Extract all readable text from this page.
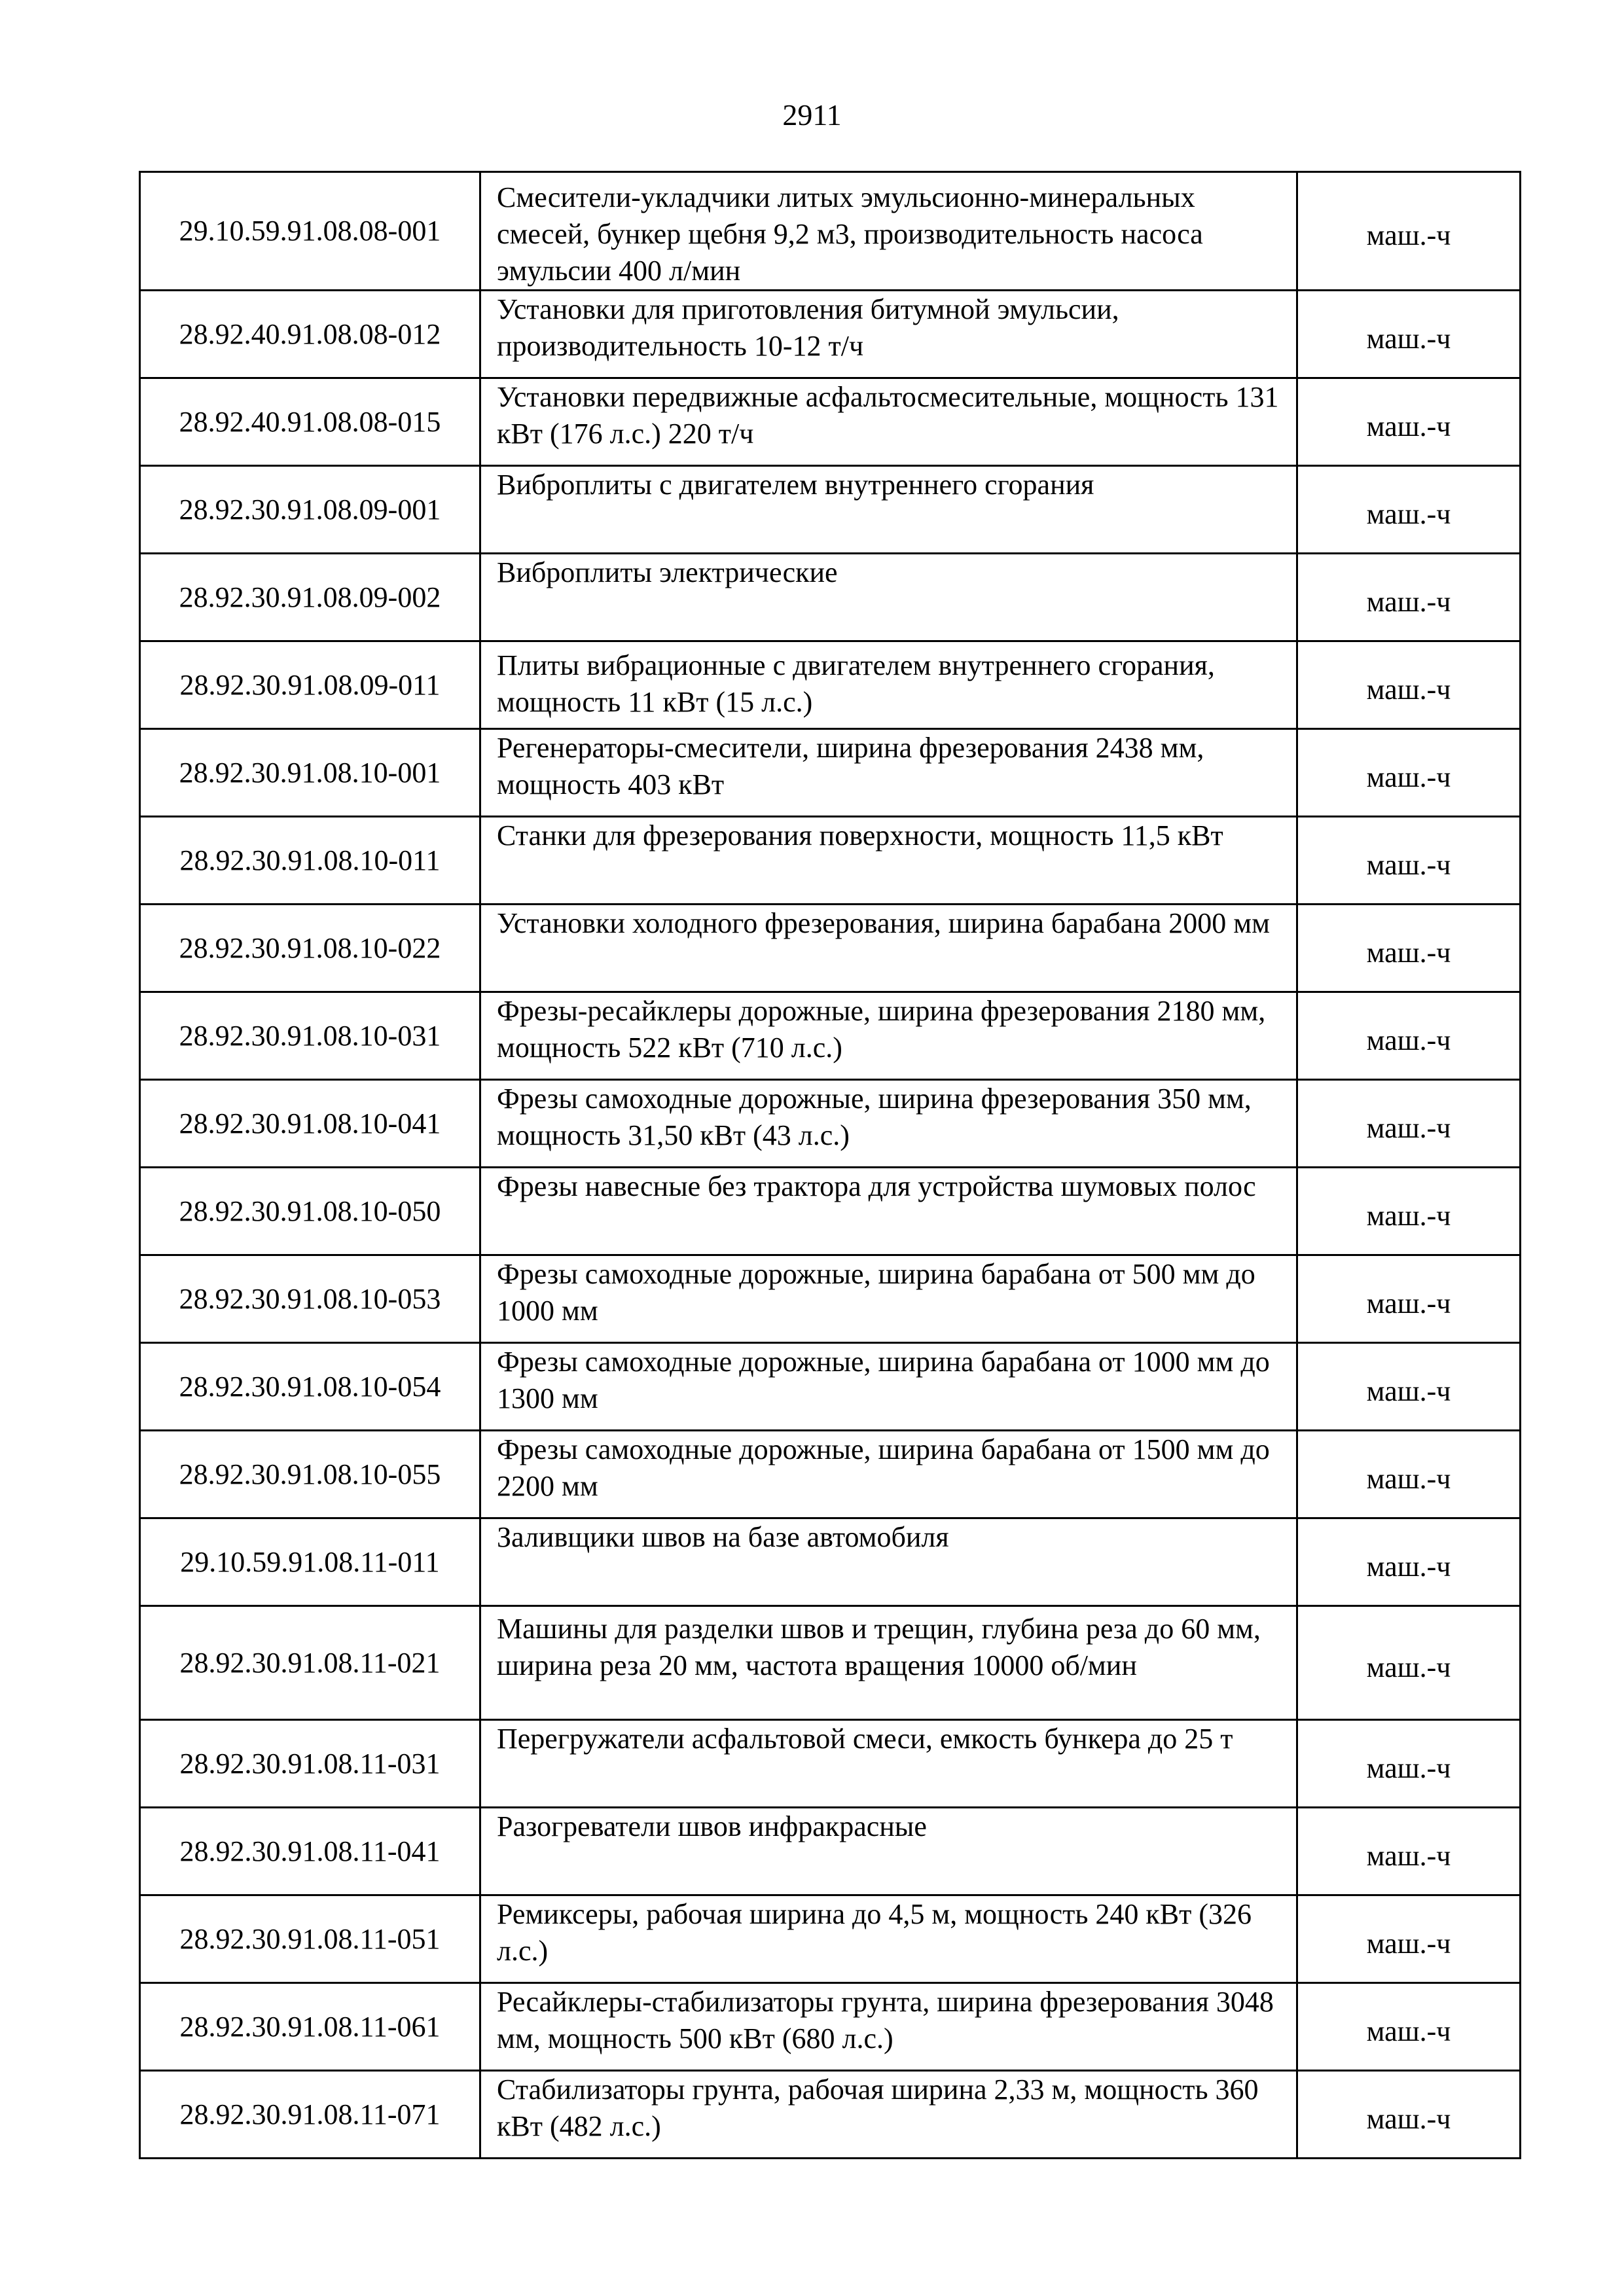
2911
29.10.59.91.08.08-001	Смесители-укладчики литых эмульсионно-минеральных смесей, бункер щебня 9,2 м3, производительность насоса эмульсии 400 л/мин	маш.-ч
28.92.40.91.08.08-012	Установки для приготовления битумной эмульсии, производительность 10-12 т/ч	маш.-ч
28.92.40.91.08.08-015	Установки передвижные асфальтосмесительные, мощность 131 кВт (176 л.с.) 220 т/ч	маш.-ч
28.92.30.91.08.09-001	Виброплиты с двигателем внутреннего сгорания	маш.-ч
28.92.30.91.08.09-002	Виброплиты электрические	маш.-ч
28.92.30.91.08.09-011	Плиты вибрационные с двигателем внутреннего сгорания, мощность 11 кВт (15 л.с.)	маш.-ч
28.92.30.91.08.10-001	Регенераторы-смесители, ширина фрезерования 2438 мм, мощность 403 кВт	маш.-ч
28.92.30.91.08.10-011	Станки для фрезерования поверхности, мощность 11,5 кВт	маш.-ч
28.92.30.91.08.10-022	Установки холодного фрезерования, ширина барабана 2000 мм	маш.-ч
28.92.30.91.08.10-031	Фрезы-ресайклеры дорожные, ширина фрезерования 2180 мм, мощность 522 кВт (710 л.с.)	маш.-ч
28.92.30.91.08.10-041	Фрезы самоходные дорожные, ширина фрезерования 350 мм, мощность 31,50 кВт (43 л.с.)	маш.-ч
28.92.30.91.08.10-050	Фрезы навесные без трактора для устройства шумовых полос	маш.-ч
28.92.30.91.08.10-053	Фрезы самоходные дорожные, ширина барабана от 500 мм до 1000 мм	маш.-ч
28.92.30.91.08.10-054	Фрезы самоходные дорожные, ширина барабана от 1000 мм до 1300 мм	маш.-ч
28.92.30.91.08.10-055	Фрезы самоходные дорожные, ширина барабана от 1500 мм до 2200 мм	маш.-ч
29.10.59.91.08.11-011	Заливщики швов на базе автомобиля	маш.-ч
28.92.30.91.08.11-021	Машины для разделки швов и трещин, глубина реза до 60 мм, ширина реза 20 мм, частота вращения 10000 об/мин	маш.-ч
28.92.30.91.08.11-031	Перегружатели асфальтовой смеси, емкость бункера до 25 т	маш.-ч
28.92.30.91.08.11-041	Разогреватели швов инфракрасные	маш.-ч
28.92.30.91.08.11-051	Ремиксеры, рабочая ширина до 4,5 м, мощность 240 кВт (326 л.с.)	маш.-ч
28.92.30.91.08.11-061	Ресайклеры-стабилизаторы грунта, ширина фрезерования 3048 мм, мощность 500 кВт (680 л.с.)	маш.-ч
28.92.30.91.08.11-071	Стабилизаторы грунта, рабочая ширина 2,33 м, мощность 360 кВт (482 л.с.)	маш.-ч
